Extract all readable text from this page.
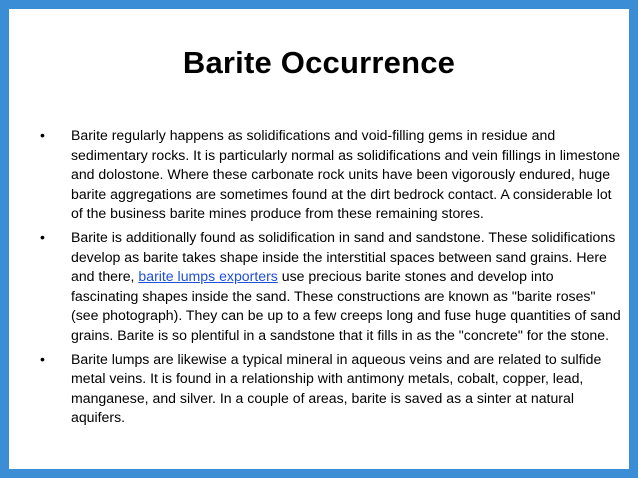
Barite Occurrence
• Barite regularly happens as solidifications and void-filling gems in residue and sedimentary rocks. It is particularly normal as solidifications and vein fillings in limestone and dolostone. Where these carbonate rock units have been vigorously endured, huge barite aggregations are sometimes found at the dirt bedrock contact. A considerable lot of the business barite mines produce from these remaining stores.
• Barite is additionally found as solidification in sand and sandstone. These solidifications develop as barite takes shape inside the interstitial spaces between sand grains. Here and there, barite lumps exporters use precious barite stones and develop into fascinating shapes inside the sand. These constructions are known as "barite roses" (see photograph). They can be up to a few creeps long and fuse huge quantities of sand grains. Barite is so plentiful in a sandstone that it fills in as the "concrete" for the stone.
• Barite lumps are likewise a typical mineral in aqueous veins and are related to sulfide metal veins. It is found in a relationship with antimony metals, cobalt, copper, lead, manganese, and silver. In a couple of areas, barite is saved as a sinter at natural aquifers.
